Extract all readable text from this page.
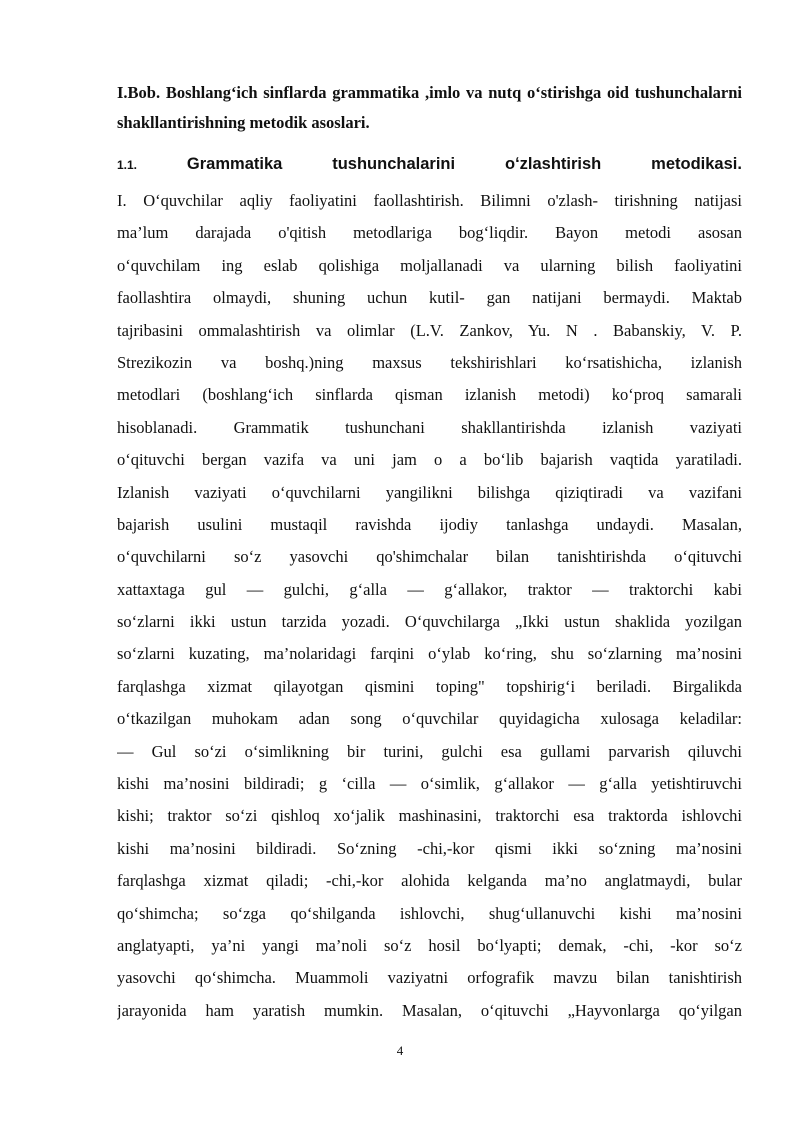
I.Bob. Boshlangʻich sinflarda grammatika ,imlo va nutq oʻstirishga oid tushunchalarni shakllantirishning metodik asoslari.
1.1.	Grammatika	tushunchalarini	oʻzlashtirish	metodikasi.
I. Oʻquvchilar aqliy faoliyatini faollashtirish. Bilimni o'zlash- tirishning natijasi
ma’lum darajada o'qitish metodlariga bogʻliqdir. Bayon metodi asosan
oʻquvchilam ing eslab qolishiga moljallanadi va ularning bilish faoliyatini
faollashtira olmaydi, shuning uchun kutil- gan natijani bermaydi. Maktab
tajribasini ommalashtirish va olimlar (L.V. Zankov, Yu. N . Babanskiy, V. P.
Strezikozin va boshq.)ning maxsus tekshirishlari koʻrsatishicha, izlanish
metodlari (boshlangʻich sinflarda qisman izlanish metodi) koʻproq samarali
hisoblanadi. Grammatik tushunchani shakllantirishda izlanish vaziyati
oʻqituvchi bergan vazifa va uni jam o a boʻlib bajarish vaqtida yaratiladi.
Izlanish vaziyati oʻquvchilarni yangilikni bilishga qiziqtiradi va vazifani
bajarish usulini mustaqil ravishda ijodiy tanlashga undaydi. Masalan,
oʻquvchilarni soʻz yasovchi qo'shimchalar bilan tanishtirishda oʻqituvchi
xattaxtaga gul — gulchi, gʻalla — gʻallakor, traktor — traktorchi kabi
soʻzlarni ikki ustun tarzida yozadi. Oʻquvchilarga „Ikki ustun shaklida yozilgan
soʻzlarni kuzating, ma’nolaridagi farqini oʻylab koʻring, shu soʻzlarning ma’nosini
farqlashga xizmat qilayotgan qismini toping" topshirigʻi beriladi. Birgalikda
oʻtkazilgan muhokam adan song oʻquvchilar quyidagicha xulosaga keladilar:
— Gul soʻzi oʻsimlikning bir turini, gulchi esa gullami parvarish qiluvchi
kishi ma’nosini bildiradi; g ʻcilla — oʻsimlik, gʻallakor — gʻalla yetishtiruvchi
kishi; traktor soʻzi qishloq xoʻjalik mashinasini, traktorchi esa traktorda ishlovchi
kishi ma’nosini bildiradi. Soʻzning -chi,-kor qismi ikki soʻzning ma’nosini
farqlashga xizmat qiladi; -chi,-kor alohida kelganda ma’no anglatmaydi, bular
qoʻshimcha; soʻzga qoʻshilganda ishlovchi, shugʻullanuvchi kishi ma’nosini
anglatyapti, ya’ni yangi ma’noli soʻz hosil boʻlyapti; demak, -chi, -kor soʻz
yasovchi qoʻshimcha. Muammoli vaziyatni orfografik mavzu bilan tanishtirish
jarayonida ham yaratish mumkin. Masalan, oʻqituvchi „Hayvonlarga qoʻyilgan
4
